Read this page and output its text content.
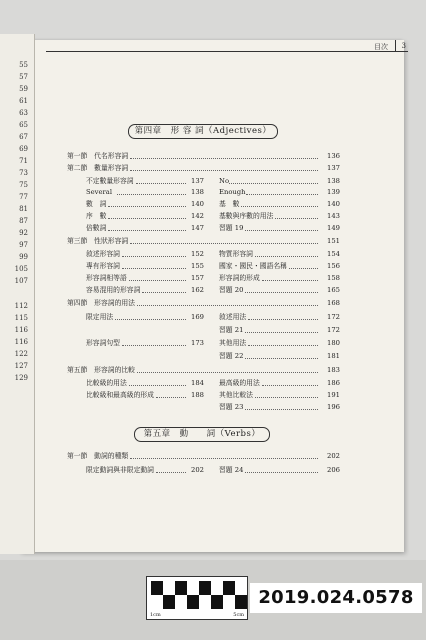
55
57
59
61
63
65
67
69
71
73
75
77
81
87
92
97
99
105
107
112
115
116
116
122
127
129
目次 3
第四章　形 容 詞（Adjectives）
第五章　動　　詞（Verbs）
第一節　代名形容詞	136
第二節　數量形容詞	137
不定數量形容詞	137 No	138
Several	138 Enough	139
數　詞	140 基　數	140
序　數	142 基數與序數的用法	143
倍數詞	147 習題 19	149
第三節　性狀形容詞	151
敘述形容詞	152 物質形容詞	154
專有形容詞	155 國家・國民・國語名稱	156
形容詞相等語	157 形容詞的形成	158
容易混用的形容詞	162 習題 20	165
第四節　形容詞的用法	168
限定用法	169 敘述用法	172
習題 21	172
形容詞句型	173 其他用法	180
習題 22	181
第五節　形容詞的比較	183
比較級的用法	184 最高級的用法	186
比較級和最高級的形成	188 其他比較法	191
習題 23	196
第一節　動詞的種類	202
限定動詞與非限定動詞	202 習題 24	206
1cm	5cm
2019.024.0578
